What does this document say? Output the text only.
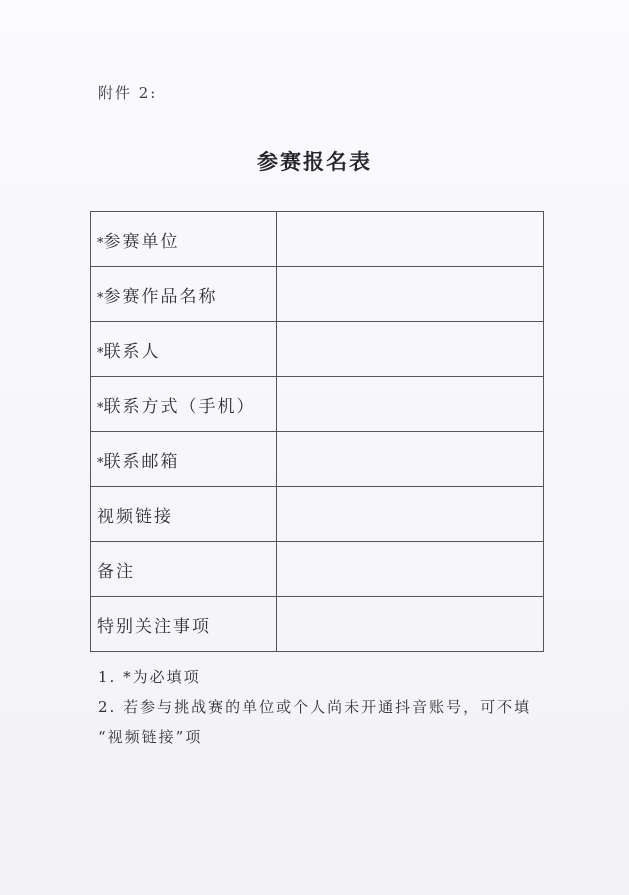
附件 2:
参赛报名表
*参赛单位	
*参赛作品名称	
*联系人	
*联系方式（手机）	
*联系邮箱	
视频链接	
备注	
特别关注事项	
1. *为必填项
2. 若参与挑战赛的单位或个人尚未开通抖音账号，可不填
“视频链接”项
